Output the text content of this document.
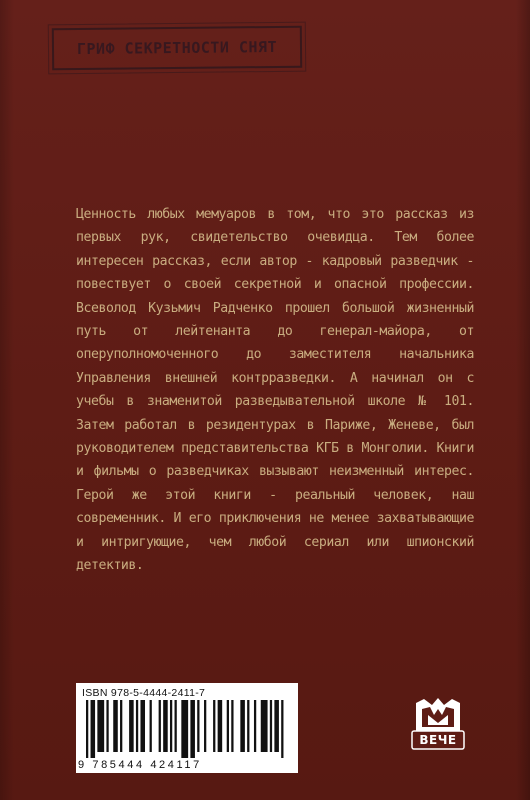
ГРИФ СЕКРЕТНОСТИ СНЯТ

Ценность любых мемуаров в том, что это рассказ из первых рук, свидетельство очевидца. Тем более интересен рассказ, если автор - кадровый разведчик - повествует о своей секретной и опасной профессии. Всеволод Кузьмич Радченко прошел большой жизненный путь от лейтенанта до генерал-майора, от оперуполномоченного до заместителя начальника Управления внешней контрразведки. А начинал он с учебы в знаменитой разведывательной школе № 101. Затем работал в резидентурах в Париже, Женеве, был руководителем представительства КГБ в Монголии. Книги и фильмы о разведчиках вызывают неизменный интерес. Герой же этой книги - реальный человек, наш современник. И его приключения не менее захватывающие и интригующие, чем любой сериал или шпионский детектив.

ISBN 978-5-4444-2411-7
9 785444 424117
ВЕЧЕ
